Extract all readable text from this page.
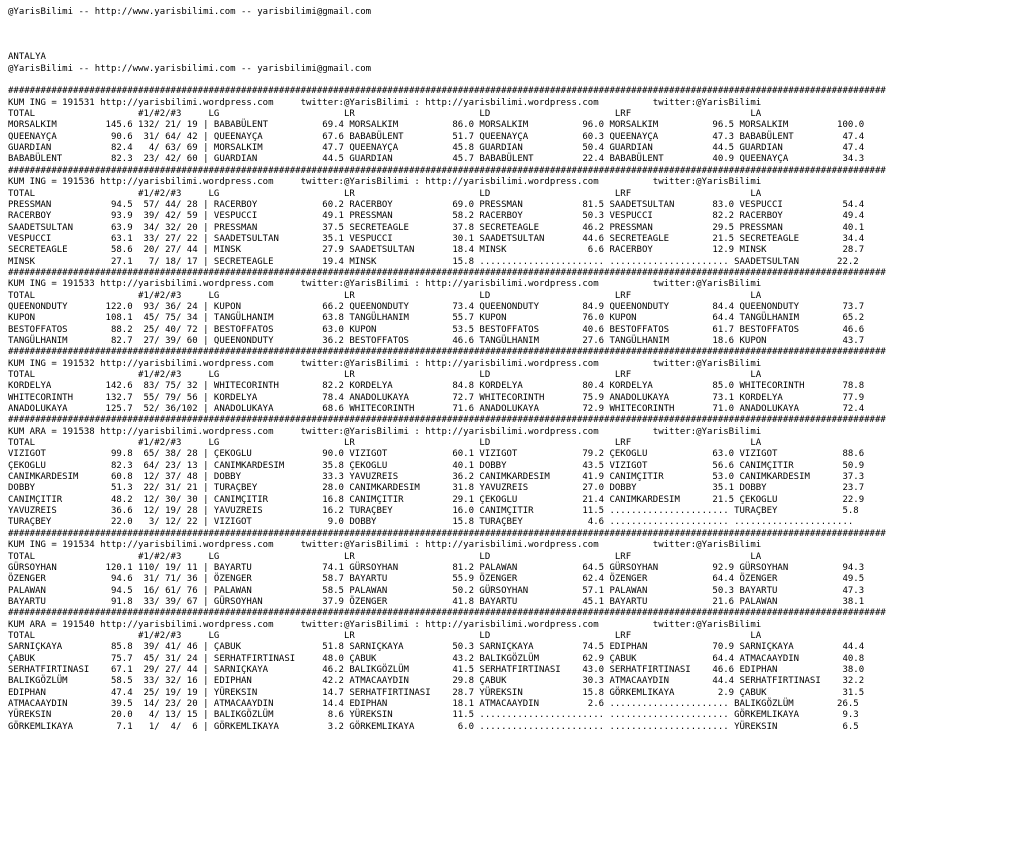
@YarisBilimi -- http://www.yarisbilimi.com -- yarisbilimi@gmail.com

ANTALYA
@YarisBilimi -- http://www.yarisbilimi.com -- yarisbilimi@gmail.com

##################################################################################################################################################################
KUM ING = 191531 http://yarisbilimi.wordpress.com     twitter:@YarisBilimi : http://yarisbilimi.wordpress.com          twitter:@YarisBilimi
TOTAL                   #1/#2/#3     LG                       LR                       LD                       LRF                      LA
MORSALKIM         145.6 132/ 21/ 19 | BABABÜLENT          69.4 MORSALKIM          86.0 MORSALKIM          96.0 MORSALKIM          96.5 MORSALKIM         100.0
QUEENAYÇA          90.6  31/ 64/ 42 | QUEENAYÇA           67.6 BABABÜLENT         51.7 QUEENAYÇA          60.3 QUEENAYÇA          47.3 BABABÜLENT         47.4
GUARDIAN           82.4   4/ 63/ 69 | MORSALKIM           47.7 QUEENAYÇA          45.8 GUARDIAN           50.4 GUARDIAN           44.5 GUARDIAN           47.4
BABABÜLENT         82.3  23/ 42/ 60 | GUARDIAN            44.5 GUARDIAN           45.7 BABABÜLENT         22.4 BABABÜLENT         40.9 QUEENAYÇA          34.3
##################################################################################################################################################################
KUM ING = 191536 http://yarisbilimi.wordpress.com     twitter:@YarisBilimi : http://yarisbilimi.wordpress.com          twitter:@YarisBilimi
TOTAL                   #1/#2/#3     LG                       LR                       LD                       LRF                      LA
PRESSMAN           94.5  57/ 44/ 28 | RACERBOY            60.2 RACERBOY           69.0 PRESSMAN           81.5 SAADETSULTAN       83.0 VESPUCCI           54.4
RACERBOY           93.9  39/ 42/ 59 | VESPUCCI            49.1 PRESSMAN           58.2 RACERBOY           50.3 VESPUCCI           82.2 RACERBOY           49.4
SAADETSULTAN       63.9  34/ 32/ 20 | PRESSMAN            37.5 SECRETEAGLE        37.8 SECRETEAGLE        46.2 PRESSMAN           29.5 PRESSMAN           40.1
VESPUCCI           63.1  33/ 27/ 22 | SAADETSULTAN        35.1 VESPUCCI           30.1 SAADETSULTAN       44.6 SECRETEAGLE        21.5 SECRETEAGLE        34.4
SECRETEAGLE        58.6  20/ 27/ 44 | MINSK               27.9 SAADETSULTAN       18.4 MINSK               6.6 RACERBOY           12.9 MINSK              28.7
MINSK              27.1   7/ 18/ 17 | SECRETEAGLE         19.4 MINSK              15.8 ....................... ...................... SAADETSULTAN       22.2
##################################################################################################################################################################
KUM ING = 191533 http://yarisbilimi.wordpress.com     twitter:@YarisBilimi : http://yarisbilimi.wordpress.com          twitter:@YarisBilimi
TOTAL                   #1/#2/#3     LG                       LR                       LD                       LRF                      LA
QUEENONDUTY       122.0  93/ 36/ 24 | KUPON               66.2 QUEENONDUTY        73.4 QUEENONDUTY        84.9 QUEENONDUTY        84.4 QUEENONDUTY        73.7
KUPON             108.1  45/ 75/ 34 | TANGÜLHANIM         63.8 TANGÜLHANIM        55.7 KUPON              76.0 KUPON              64.4 TANGÜLHANIM        65.2
BESTOFFATOS        88.2  25/ 40/ 72 | BESTOFFATOS         63.0 KUPON              53.5 BESTOFFATOS        40.6 BESTOFFATOS        61.7 BESTOFFATOS        46.6
TANGÜLHANIM        82.7  27/ 39/ 60 | QUEENONDUTY         36.2 BESTOFFATOS        46.6 TANGÜLHANIM        27.6 TANGÜLHANIM        18.6 KUPON              43.7
##################################################################################################################################################################
KUM ING = 191532 http://yarisbilimi.wordpress.com     twitter:@YarisBilimi : http://yarisbilimi.wordpress.com          twitter:@YarisBilimi
TOTAL                   #1/#2/#3     LG                       LR                       LD                       LRF                      LA
KORDELYA          142.6  83/ 75/ 32 | WHITECORINTH        82.2 KORDELYA           84.8 KORDELYA           80.4 KORDELYA           85.0 WHITECORINTH       78.8
WHITECORINTH      132.7  55/ 79/ 56 | KORDELYA            78.4 ANADOLUKAYA        72.7 WHITECORINTH       75.9 ANADOLUKAYA        73.1 KORDELYA           77.9
ANADOLUKAYA       125.7  52/ 36/102 | ANADOLUKAYA         68.6 WHITECORINTH       71.6 ANADOLUKAYA        72.9 WHITECORINTH       71.0 ANADOLUKAYA        72.4
##################################################################################################################################################################
KUM ARA = 191538 http://yarisbilimi.wordpress.com     twitter:@YarisBilimi : http://yarisbilimi.wordpress.com          twitter:@YarisBilimi
TOTAL                   #1/#2/#3     LG                       LR                       LD                       LRF                      LA
VIZIGOT            99.8  65/ 38/ 28 | ÇEKOGLU             90.0 VIZIGOT            60.1 VIZIGOT            79.2 ÇEKOGLU            63.0 VIZIGOT            88.6
ÇEKOGLU            82.3  64/ 23/ 13 | CANIMKARDESIM       35.8 ÇEKOGLU            40.1 DOBBY              43.5 VIZIGOT            56.6 CANIMÇITIR         50.9
CANIMKARDESIM      60.8  12/ 37/ 48 | DOBBY               33.3 YAVUZREIS          36.2 CANIMKARDESIM      41.9 CANIMÇITIR         53.0 CANIMKARDESIM      37.3
DOBBY              51.3  22/ 31/ 21 | TURAÇBEY            28.0 CANIMKARDESIM      31.8 YAVUZREIS          27.0 DOBBY              35.1 DOBBY              23.7
CANIMÇITIR         48.2  12/ 30/ 30 | CANIMÇITIR          16.8 CANIMÇITIR         29.1 ÇEKOGLU            21.4 CANIMKARDESIM      21.5 ÇEKOGLU            22.9
YAVUZREIS          36.6  12/ 19/ 28 | YAVUZREIS           16.2 TURAÇBEY           16.0 CANIMÇITIR         11.5 ...................... TURAÇBEY            5.8
TURAÇBEY           22.0   3/ 12/ 22 | VIZIGOT              9.0 DOBBY              15.8 TURAÇBEY            4.6 ...................... ......................
##################################################################################################################################################################
KUM ING = 191534 http://yarisbilimi.wordpress.com     twitter:@YarisBilimi : http://yarisbilimi.wordpress.com          twitter:@YarisBilimi
TOTAL                   #1/#2/#3     LG                       LR                       LD                       LRF                      LA
GÜRSOYHAN         120.1 110/ 19/ 11 | BAYARTU             74.1 GÜRSOYHAN          81.2 PALAWAN            64.5 GÜRSOYHAN          92.9 GÜRSOYHAN          94.3
ÖZENGER            94.6  31/ 71/ 36 | ÖZENGER             58.7 BAYARTU            55.9 ÖZENGER            62.4 ÖZENGER            64.4 ÖZENGER            49.5
PALAWAN            94.5  16/ 61/ 76 | PALAWAN             58.5 PALAWAN            50.2 GÜRSOYHAN          57.1 PALAWAN            50.3 BAYARTU            47.3
BAYARTU            91.8  33/ 39/ 67 | GÜRSOYHAN           37.9 ÖZENGER            41.8 BAYARTU            45.1 BAYARTU            21.6 PALAWAN            38.1
##################################################################################################################################################################
KUM ARA = 191540 http://yarisbilimi.wordpress.com     twitter:@YarisBilimi : http://yarisbilimi.wordpress.com          twitter:@YarisBilimi
TOTAL                   #1/#2/#3     LG                       LR                       LD                       LRF                      LA
SARNIÇKAYA         85.8  39/ 41/ 46 | ÇABUK               51.8 SARNIÇKAYA         50.3 SARNIÇKAYA         74.5 EDIPHAN            70.9 SARNIÇKAYA         44.4
ÇABUK              75.7  45/ 31/ 24 | SERHATFIRTINASI     48.0 ÇABUK              43.2 BALIKGÖZLÜM        62.9 ÇABUK              64.4 ATMACAAYDIN        40.8
SERHATFIRTINASI    67.1  29/ 27/ 44 | SARNIÇKAYA          46.2 BALIKGÖZLÜM        41.5 SERHATFIRTINASI    43.0 SERHATFIRTINASI    46.6 EDIPHAN            38.0
BALIKGÖZLÜM        58.5  33/ 32/ 16 | EDIPHAN             42.2 ATMACAAYDIN        29.8 ÇABUK              30.3 ATMACAAYDIN        44.4 SERHATFIRTINASI    32.2
EDIPHAN            47.4  25/ 19/ 19 | YÜREKSIN            14.7 SERHATFIRTINASI    28.7 YÜREKSIN           15.8 GÖRKEMLIKAYA        2.9 ÇABUK              31.5
ATMACAAYDIN        39.5  14/ 23/ 20 | ATMACAAYDIN         14.4 EDIPHAN            18.1 ATMACAAYDIN         2.6 ...................... BALIKGÖZLÜM        26.5
YÜREKSIN           20.0   4/ 13/ 15 | BALIKGÖZLÜM          8.6 YÜREKSIN           11.5 ....................... ...................... GÖRKEMLIKAYA        9.3
GÖRKEMLIKAYA        7.1   1/  4/  6 | GÖRKEMLIKAYA         3.2 GÖRKEMLIKAYA        6.0 ....................... ...................... YÜREKSIN            6.5
